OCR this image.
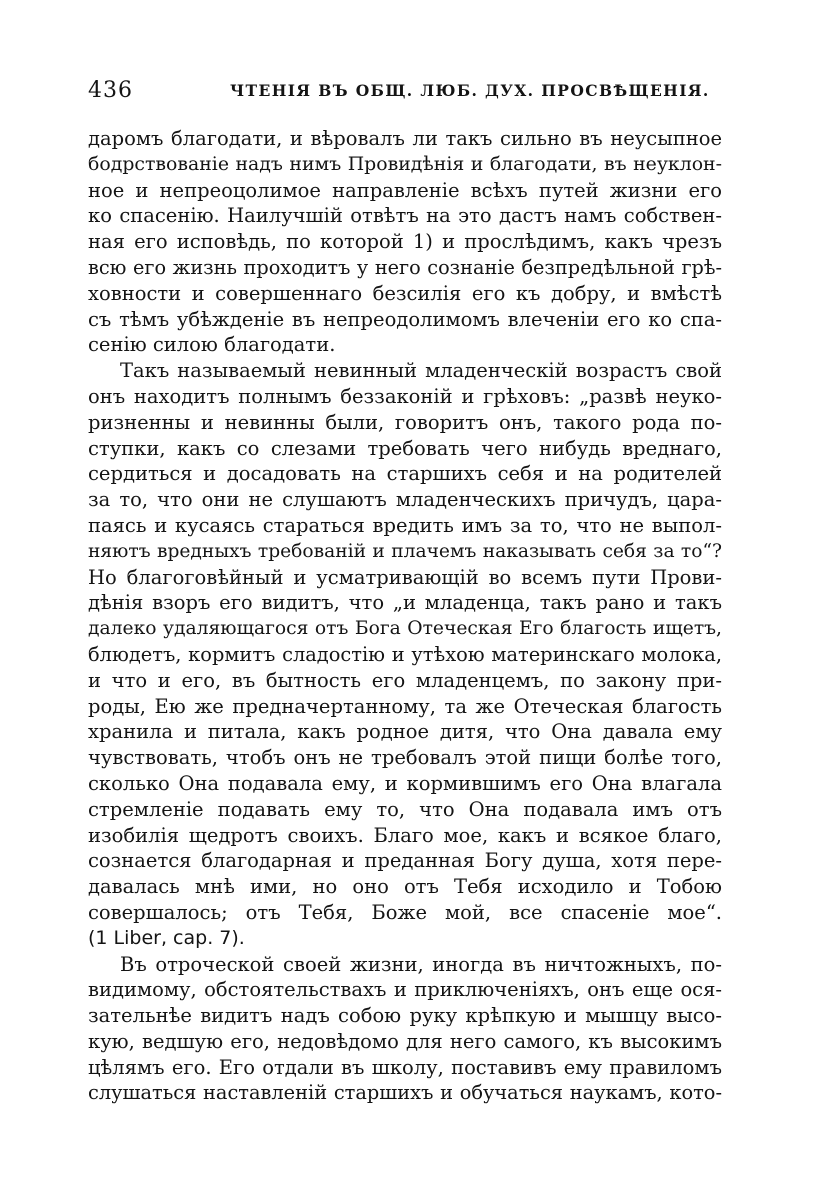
436	ЧТЕНІЯ ВЪ ОБЩ. ЛЮБ. ДУХ. ПРОСВѢЩЕНІЯ.
даромъ благодати, и вѣровалъ ли такъ сильно въ неусыпное
бодрствованіе надъ нимъ Провидѣнія и благодати, въ неуклон-
ное и непреоцолимое направленіе всѣхъ путей жизни его
ко спасенію. Наилучшій отвѣтъ на это дастъ намъ собствен-
ная его исповѣдь, по которой 1) и прослѣдимъ, какъ чрезъ
всю его жизнь проходитъ у него сознаніе безпредѣльной грѣ-
ховности и совершеннаго безсилія его къ добру, и вмѣстѣ
съ тѣмъ убѣжденіе въ непреодолимомъ влеченіи его ко спа-
сенію силою благодати.
Такъ называемый невинный младенческій возрастъ свой
онъ находитъ полнымъ беззаконій и грѣховъ: „развѣ неуко-
ризненны и невинны были, говоритъ онъ, такого рода по-
ступки, какъ со слезами требовать чего нибудь вреднаго,
сердиться и досадовать на старшихъ себя и на родителей
за то, что они не слушаютъ младенческихъ причудъ, цара-
паясь и кусаясь стараться вредить имъ за то, что не выпол-
няютъ вредныхъ требованій и плачемъ наказывать себя за то“?
Но благоговѣйный и усматривающій во всемъ пути Прови-
дѣнія взоръ его видитъ, что „и младенца, такъ рано и такъ
далеко удаляющагося отъ Бога Отеческая Его благость ищетъ,
блюдетъ, кормитъ сладостію и утѣхою материнскаго молока,
и что и его, въ бытность его младенцемъ, по закону при-
роды, Ею же предначертанному, та же Отеческая благость
хранила и питала, какъ родное дитя, что Она давала ему
чувствовать, чтобъ онъ не требовалъ этой пищи болѣе того,
сколько Она подавала ему, и кормившимъ его Она влагала
стремленіе подавать ему то, что Она подавала имъ отъ
изобилія щедротъ своихъ. Благо мое, какъ и всякое благо,
сознается благодарная и преданная Богу душа, хотя пере-
давалась мнѣ ими, но оно отъ Тебя исходило и Тобою
совершалось; отъ Тебя, Боже мой, все спасеніе мое“.
(1 Liber, cap. 7).
Въ отроческой своей жизни, иногда въ ничтожныхъ, по-
видимому, обстоятельствахъ и приключеніяхъ, онъ еще ося-
зательнѣе видитъ надъ собою руку крѣпкую и мышцу высо-
кую, ведшую его, недовѣдомо для него самого, къ высокимъ
цѣлямъ его. Его отдали въ школу, поставивъ ему правиломъ
слушаться наставленій старшихъ и обучаться наукамъ, кото-
